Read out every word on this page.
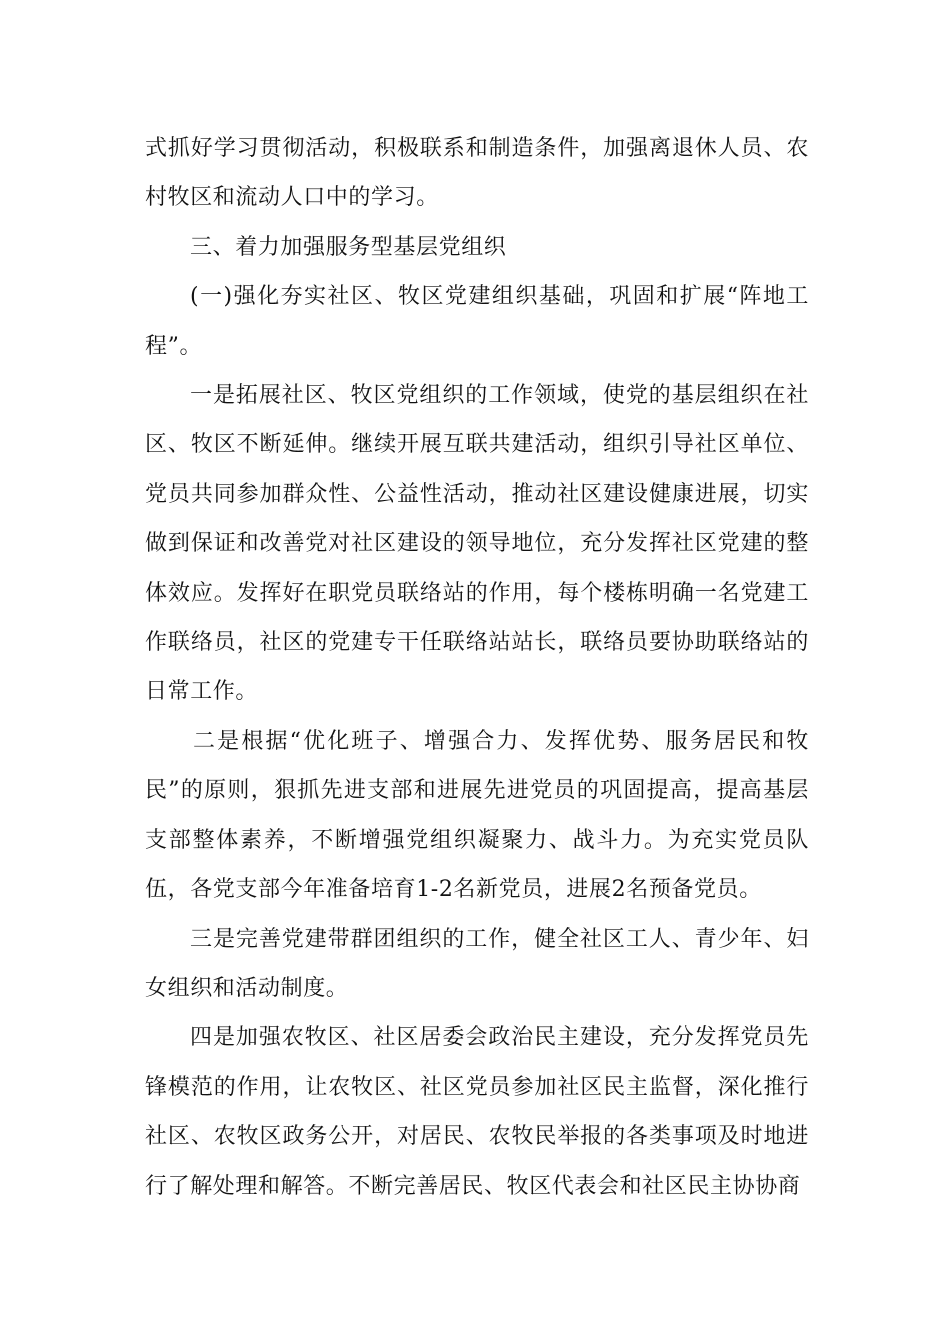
式抓好学习贯彻活动，积极联系和制造条件，加强离退休人员、农村牧区和流动人口中的学习。

三、着力加强服务型基层党组织

(一)强化夯实社区、牧区党建组织基础，巩固和扩展“阵地工程”。

一是拓展社区、牧区党组织的工作领域，使党的基层组织在社区、牧区不断延伸。继续开展互联共建活动，组织引导社区单位、党员共同参加群众性、公益性活动，推动社区建设健康进展，切实做到保证和改善党对社区建设的领导地位，充分发挥社区党建的整体效应。发挥好在职党员联络站的作用，每个楼栋明确一名党建工作联络员，社区的党建专干任联络站站长，联络员要协助联络站的日常工作。

二是根据“优化班子、增强合力、发挥优势、服务居民和牧民”的原则，狠抓先进支部和进展先进党员的巩固提高，提高基层支部整体素养，不断增强党组织凝聚力、战斗力。为充实党员队伍，各党支部今年准备培育1-2名新党员，进展2名预备党员。

三是完善党建带群团组织的工作，健全社区工人、青少年、妇女组织和活动制度。

四是加强农牧区、社区居委会政治民主建设，充分发挥党员先锋模范的作用，让农牧区、社区党员参加社区民主监督，深化推行社区、农牧区政务公开，对居民、农牧民举报的各类事项及时地进行了解处理和解答。不断完善居民、牧区代表会和社区民主协协商
